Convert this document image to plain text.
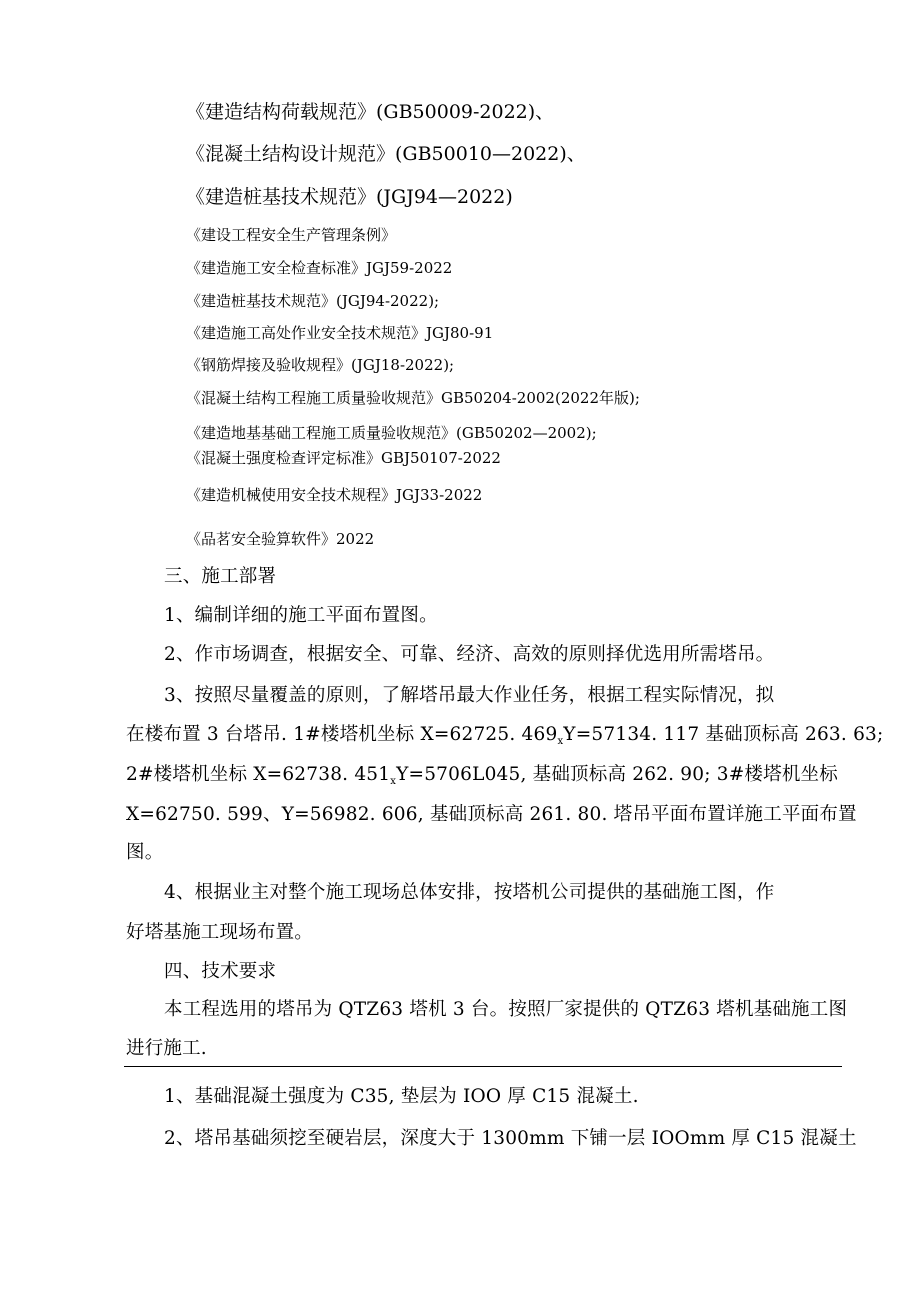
《建造结构荷载规范》(GB50009-2022)、
《混凝土结构设计规范》(GB50010—2022)、
《建造桩基技术规范》(JGJ94—2022)
《建设工程安全生产管理条例》
《建造施工安全检查标准》JGJ59-2022
《建造桩基技术规范》(JGJ94-2022);
《建造施工高处作业安全技术规范》JGJ80-91
《钢筋焊接及验收规程》(JGJ18-2022);
《混凝土结构工程施工质量验收规范》GB50204-2002(2022年版);
《建造地基基础工程施工质量验收规范》(GB50202—2002);
《混凝土强度检查评定标准》GBJ50107-2022
《建造机械使用安全技术规程》JGJ33-2022
《品茗安全验算软件》2022
三、施工部署
1、编制详细的施工平面布置图。
2、作市场调查，根据安全、可靠、经济、高效的原则择优选用所需塔吊。
3、按照尽量覆盖的原则，了解塔吊最大作业任务，根据工程实际情况，拟
在楼布置 3 台塔吊. 1#楼塔机坐标 X=62725. $469_xY=57134$. 117 基础顶标高 263. 63;
2#楼塔机坐标 X=62738. $451_xY=5706L045$, 基础顶标高 262. 90; 3#楼塔机坐标
X=62750. 599、Y=56982. 606, 基础顶标高 261. 80. 塔吊平面布置详施工平面布置
图。
4、根据业主对整个施工现场总体安排，按塔机公司提供的基础施工图，作
好塔基施工现场布置。
四、技术要求
本工程选用的塔吊为 QTZ63 塔机 3 台。按照厂家提供的 QTZ63 塔机基础施工图
进行施工.
1、基础混凝土强度为 C35, 垫层为 IOO 厚 C15 混凝土.
2、塔吊基础须挖至硬岩层，深度大于 1300mm 下铺一层 IOOmm 厚 C15 混凝土
